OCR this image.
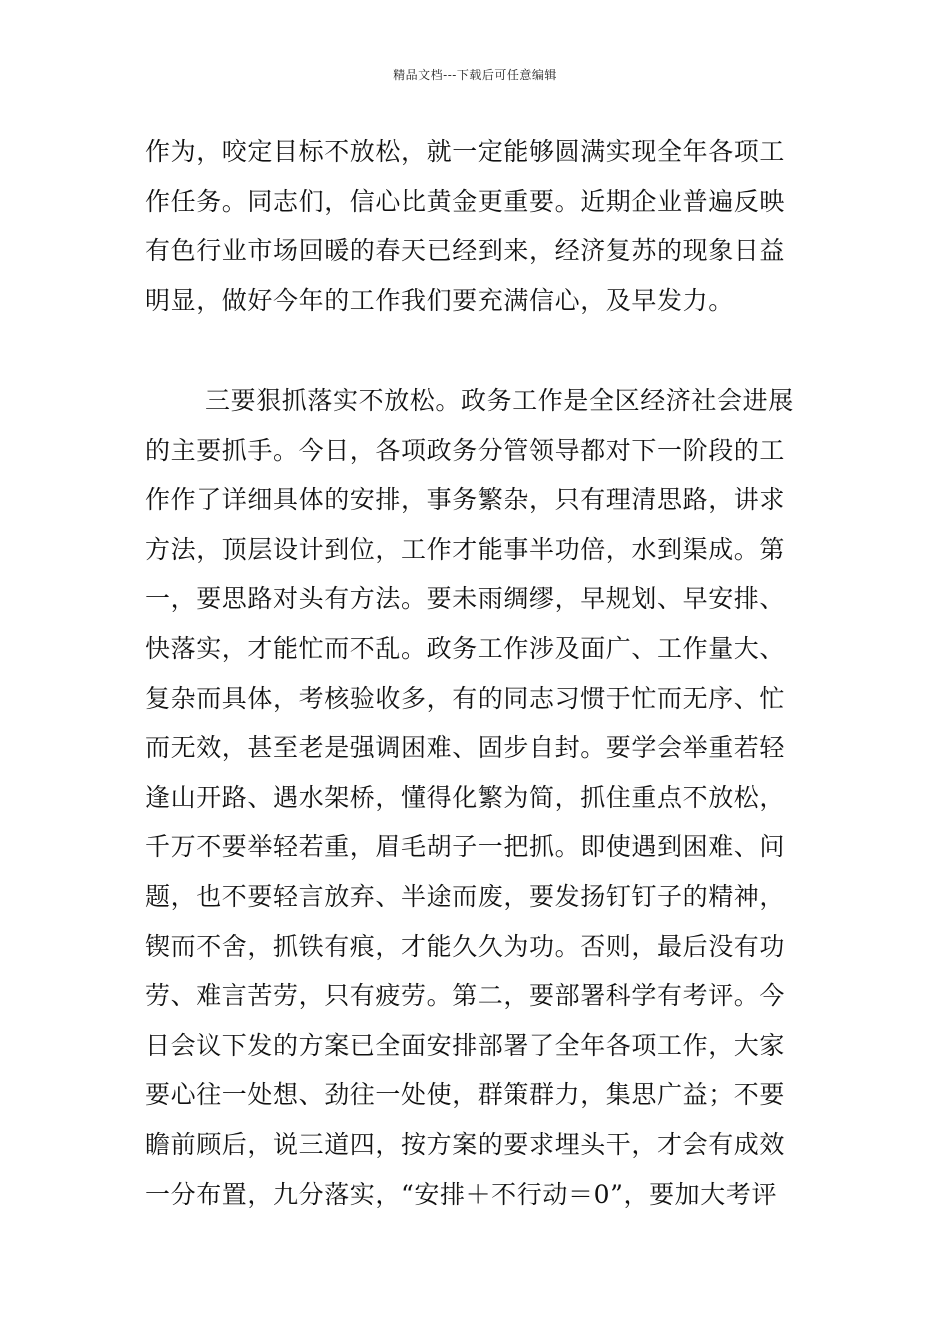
精品文档---下载后可任意编辑
作为，咬定目标不放松，就一定能够圆满实现全年各项工
作任务。同志们，信心比黄金更重要。近期企业普遍反映
有色行业市场回暖的春天已经到来，经济复苏的现象日益
明显，做好今年的工作我们要充满信心，及早发力。
三要狠抓落实不放松。政务工作是全区经济社会进展
的主要抓手。今日，各项政务分管领导都对下一阶段的工
作作了详细具体的安排，事务繁杂，只有理清思路，讲求
方法，顶层设计到位，工作才能事半功倍，水到渠成。第
一，要思路对头有方法。要未雨绸缪，早规划、早安排、
快落实，才能忙而不乱。政务工作涉及面广、工作量大、
复杂而具体，考核验收多，有的同志习惯于忙而无序、忙
而无效，甚至老是强调困难、固步自封。要学会举重若轻
逢山开路、遇水架桥，懂得化繁为简，抓住重点不放松，
千万不要举轻若重，眉毛胡子一把抓。即使遇到困难、问
题，也不要轻言放弃、半途而废，要发扬钉钉子的精神，
锲而不舍，抓铁有痕，才能久久为功。否则，最后没有功
劳、难言苦劳，只有疲劳。第二，要部署科学有考评。今
日会议下发的方案已全面安排部署了全年各项工作，大家
要心往一处想、劲往一处使，群策群力，集思广益；不要
瞻前顾后，说三道四，按方案的要求埋头干，才会有成效
一分布置，九分落实，“安排＋不行动＝0”，要加大考评
